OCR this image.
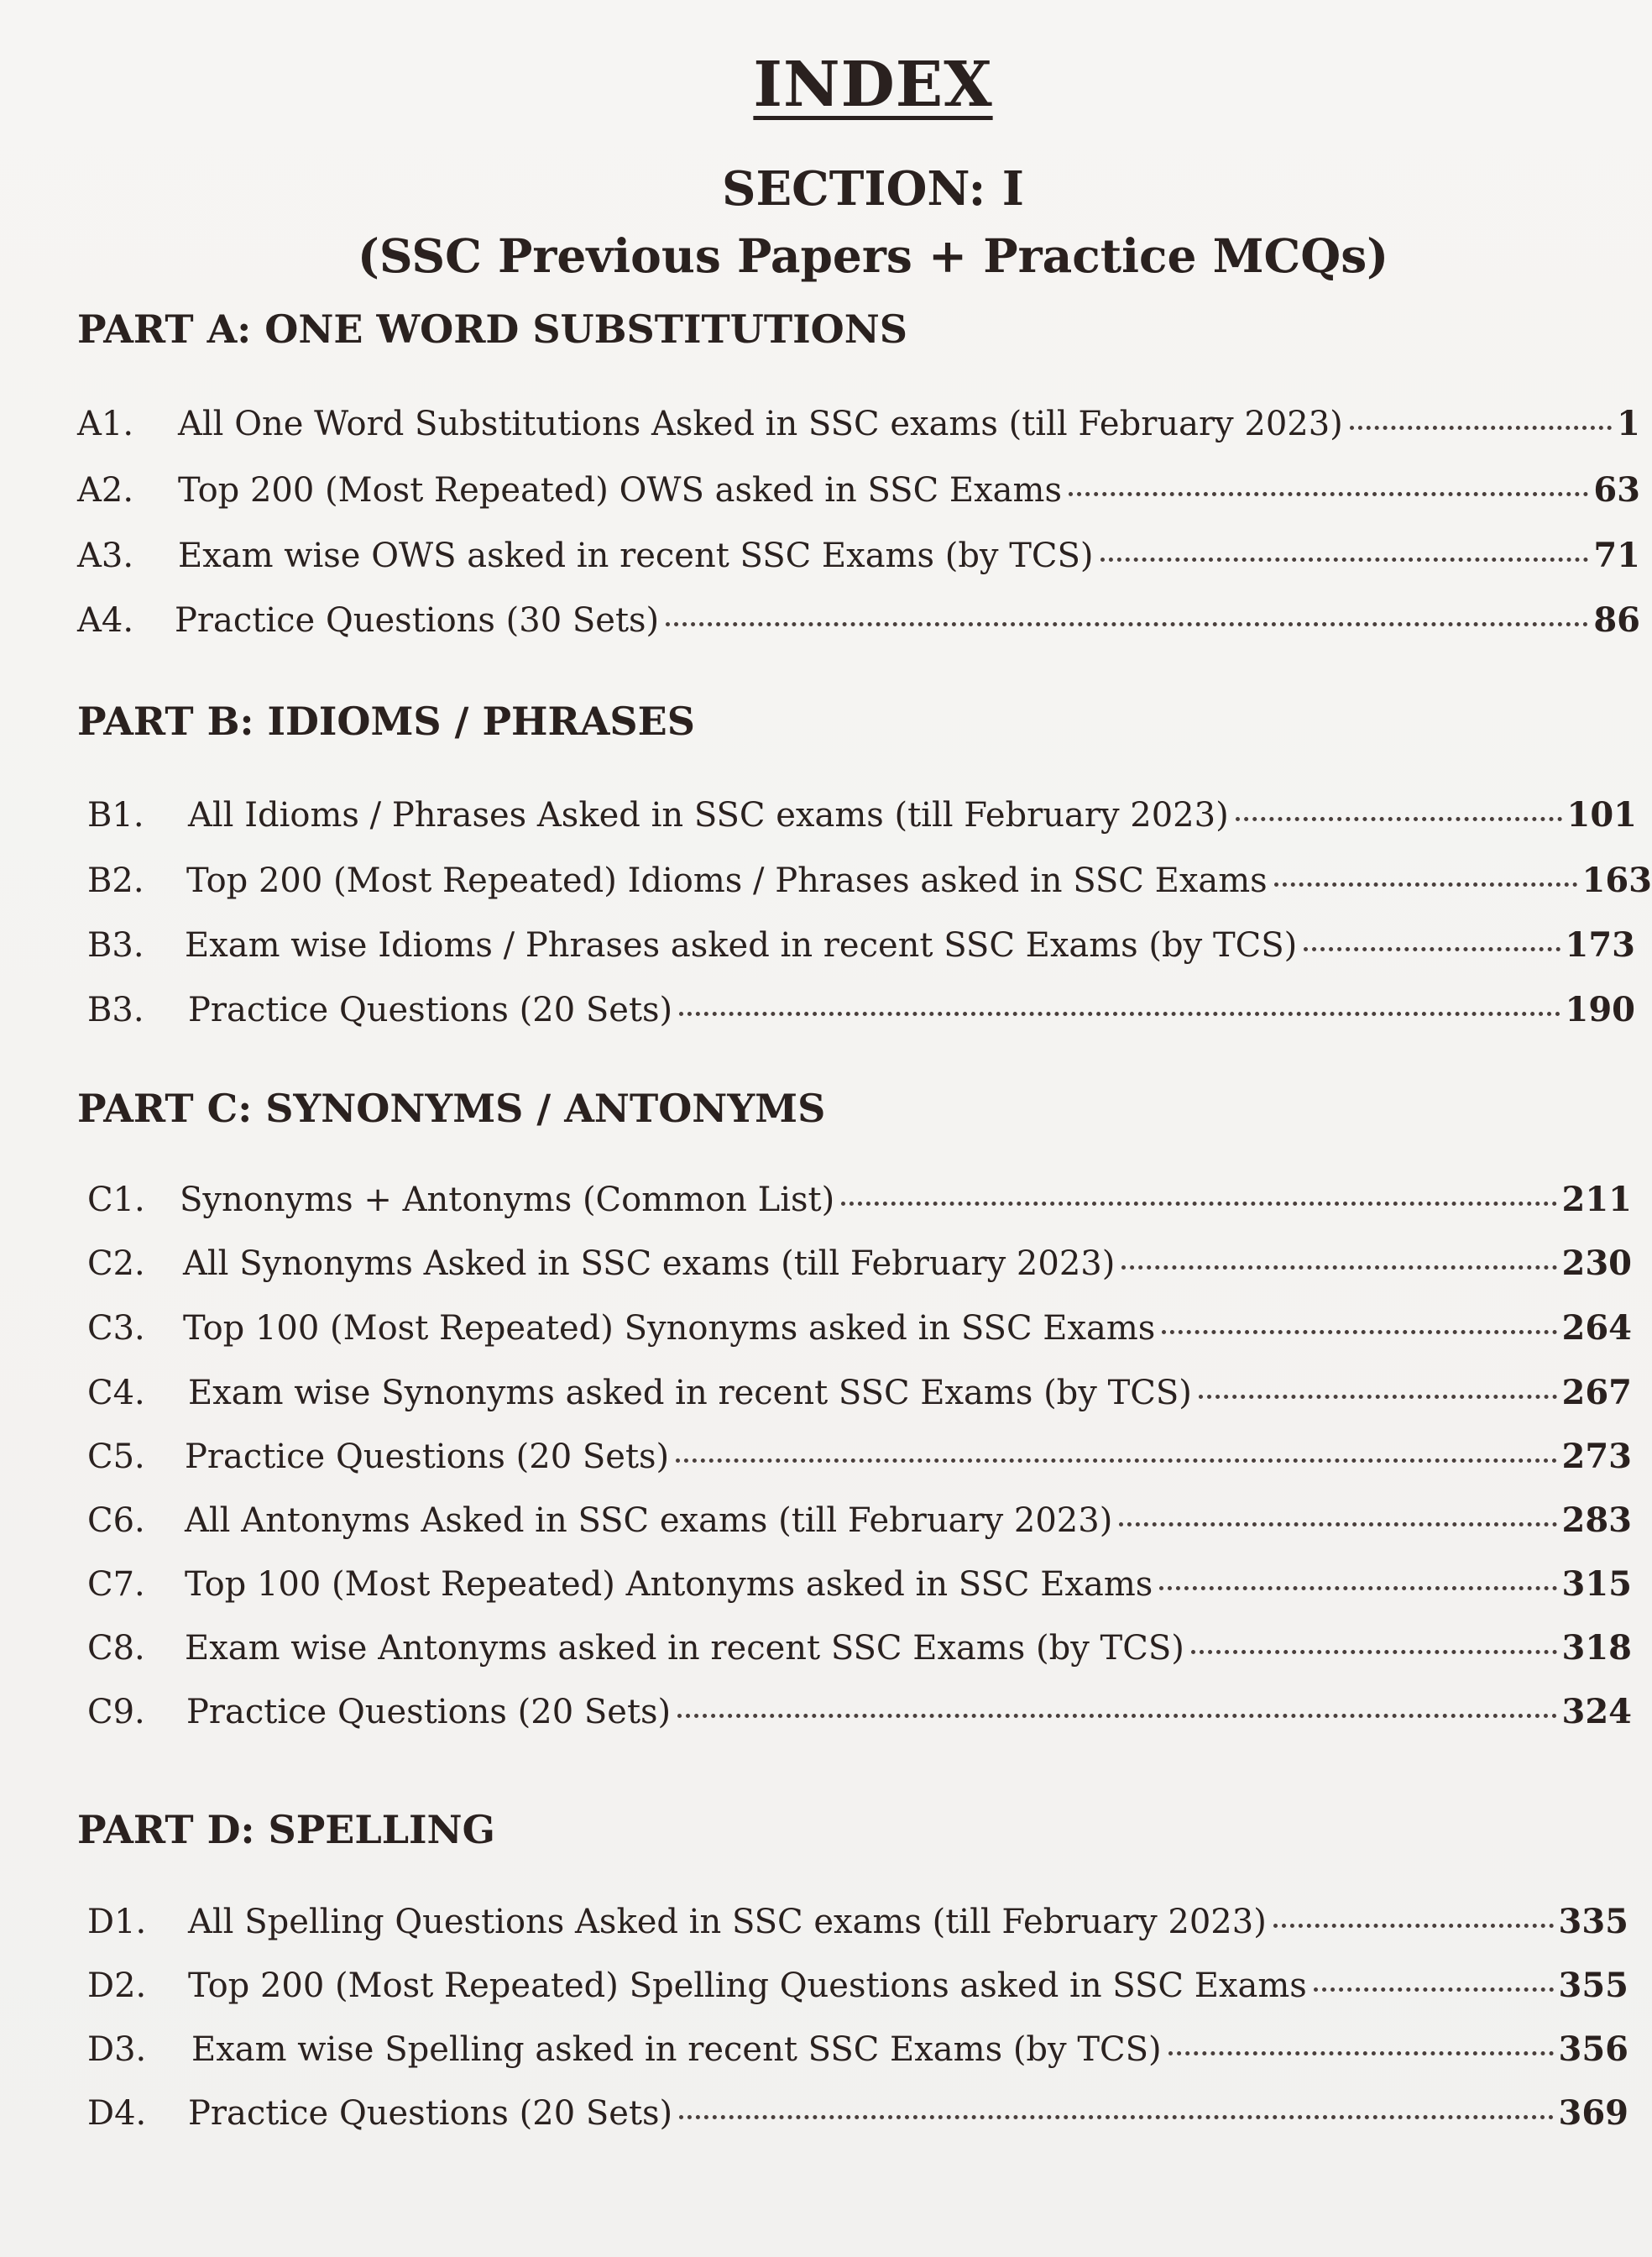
INDEX
SECTION: I
(SSC Previous Papers + Practice MCQs)
PART A: ONE WORD SUBSTITUTIONS
A1.	All One Word Substitutions Asked in SSC exams (till February 2023)	1
A2.	Top 200 (Most Repeated) OWS asked in SSC Exams	63
A3.	Exam wise OWS asked in recent SSC Exams (by TCS)	71
A4.	Practice Questions (30 Sets)	86
PART B: IDIOMS / PHRASES
B1.	All Idioms / Phrases Asked in SSC exams (till February 2023)	101
B2.	Top 200 (Most Repeated) Idioms / Phrases asked in SSC Exams	163
B3.	Exam wise Idioms / Phrases asked in recent SSC Exams (by TCS)	173
B3.	Practice Questions (20 Sets)	190
PART C: SYNONYMS / ANTONYMS
C1.	Synonyms + Antonyms (Common List)	211
C2.	All Synonyms Asked in SSC exams (till February 2023)	230
C3.	Top 100 (Most Repeated) Synonyms asked in SSC Exams	264
C4.	Exam wise Synonyms asked in recent SSC Exams (by TCS)	267
C5.	Practice Questions (20 Sets)	273
C6.	All Antonyms Asked in SSC exams (till February 2023)	283
C7.	Top 100 (Most Repeated) Antonyms asked in SSC Exams	315
C8.	Exam wise Antonyms asked in recent SSC Exams (by TCS)	318
C9.	Practice Questions (20 Sets)	324
PART D: SPELLING
D1.	All Spelling Questions Asked in SSC exams (till February 2023)	335
D2.	Top 200 (Most Repeated) Spelling Questions asked in SSC Exams	355
D3.	Exam wise Spelling asked in recent SSC Exams (by TCS)	356
D4.	Practice Questions (20 Sets)	369
